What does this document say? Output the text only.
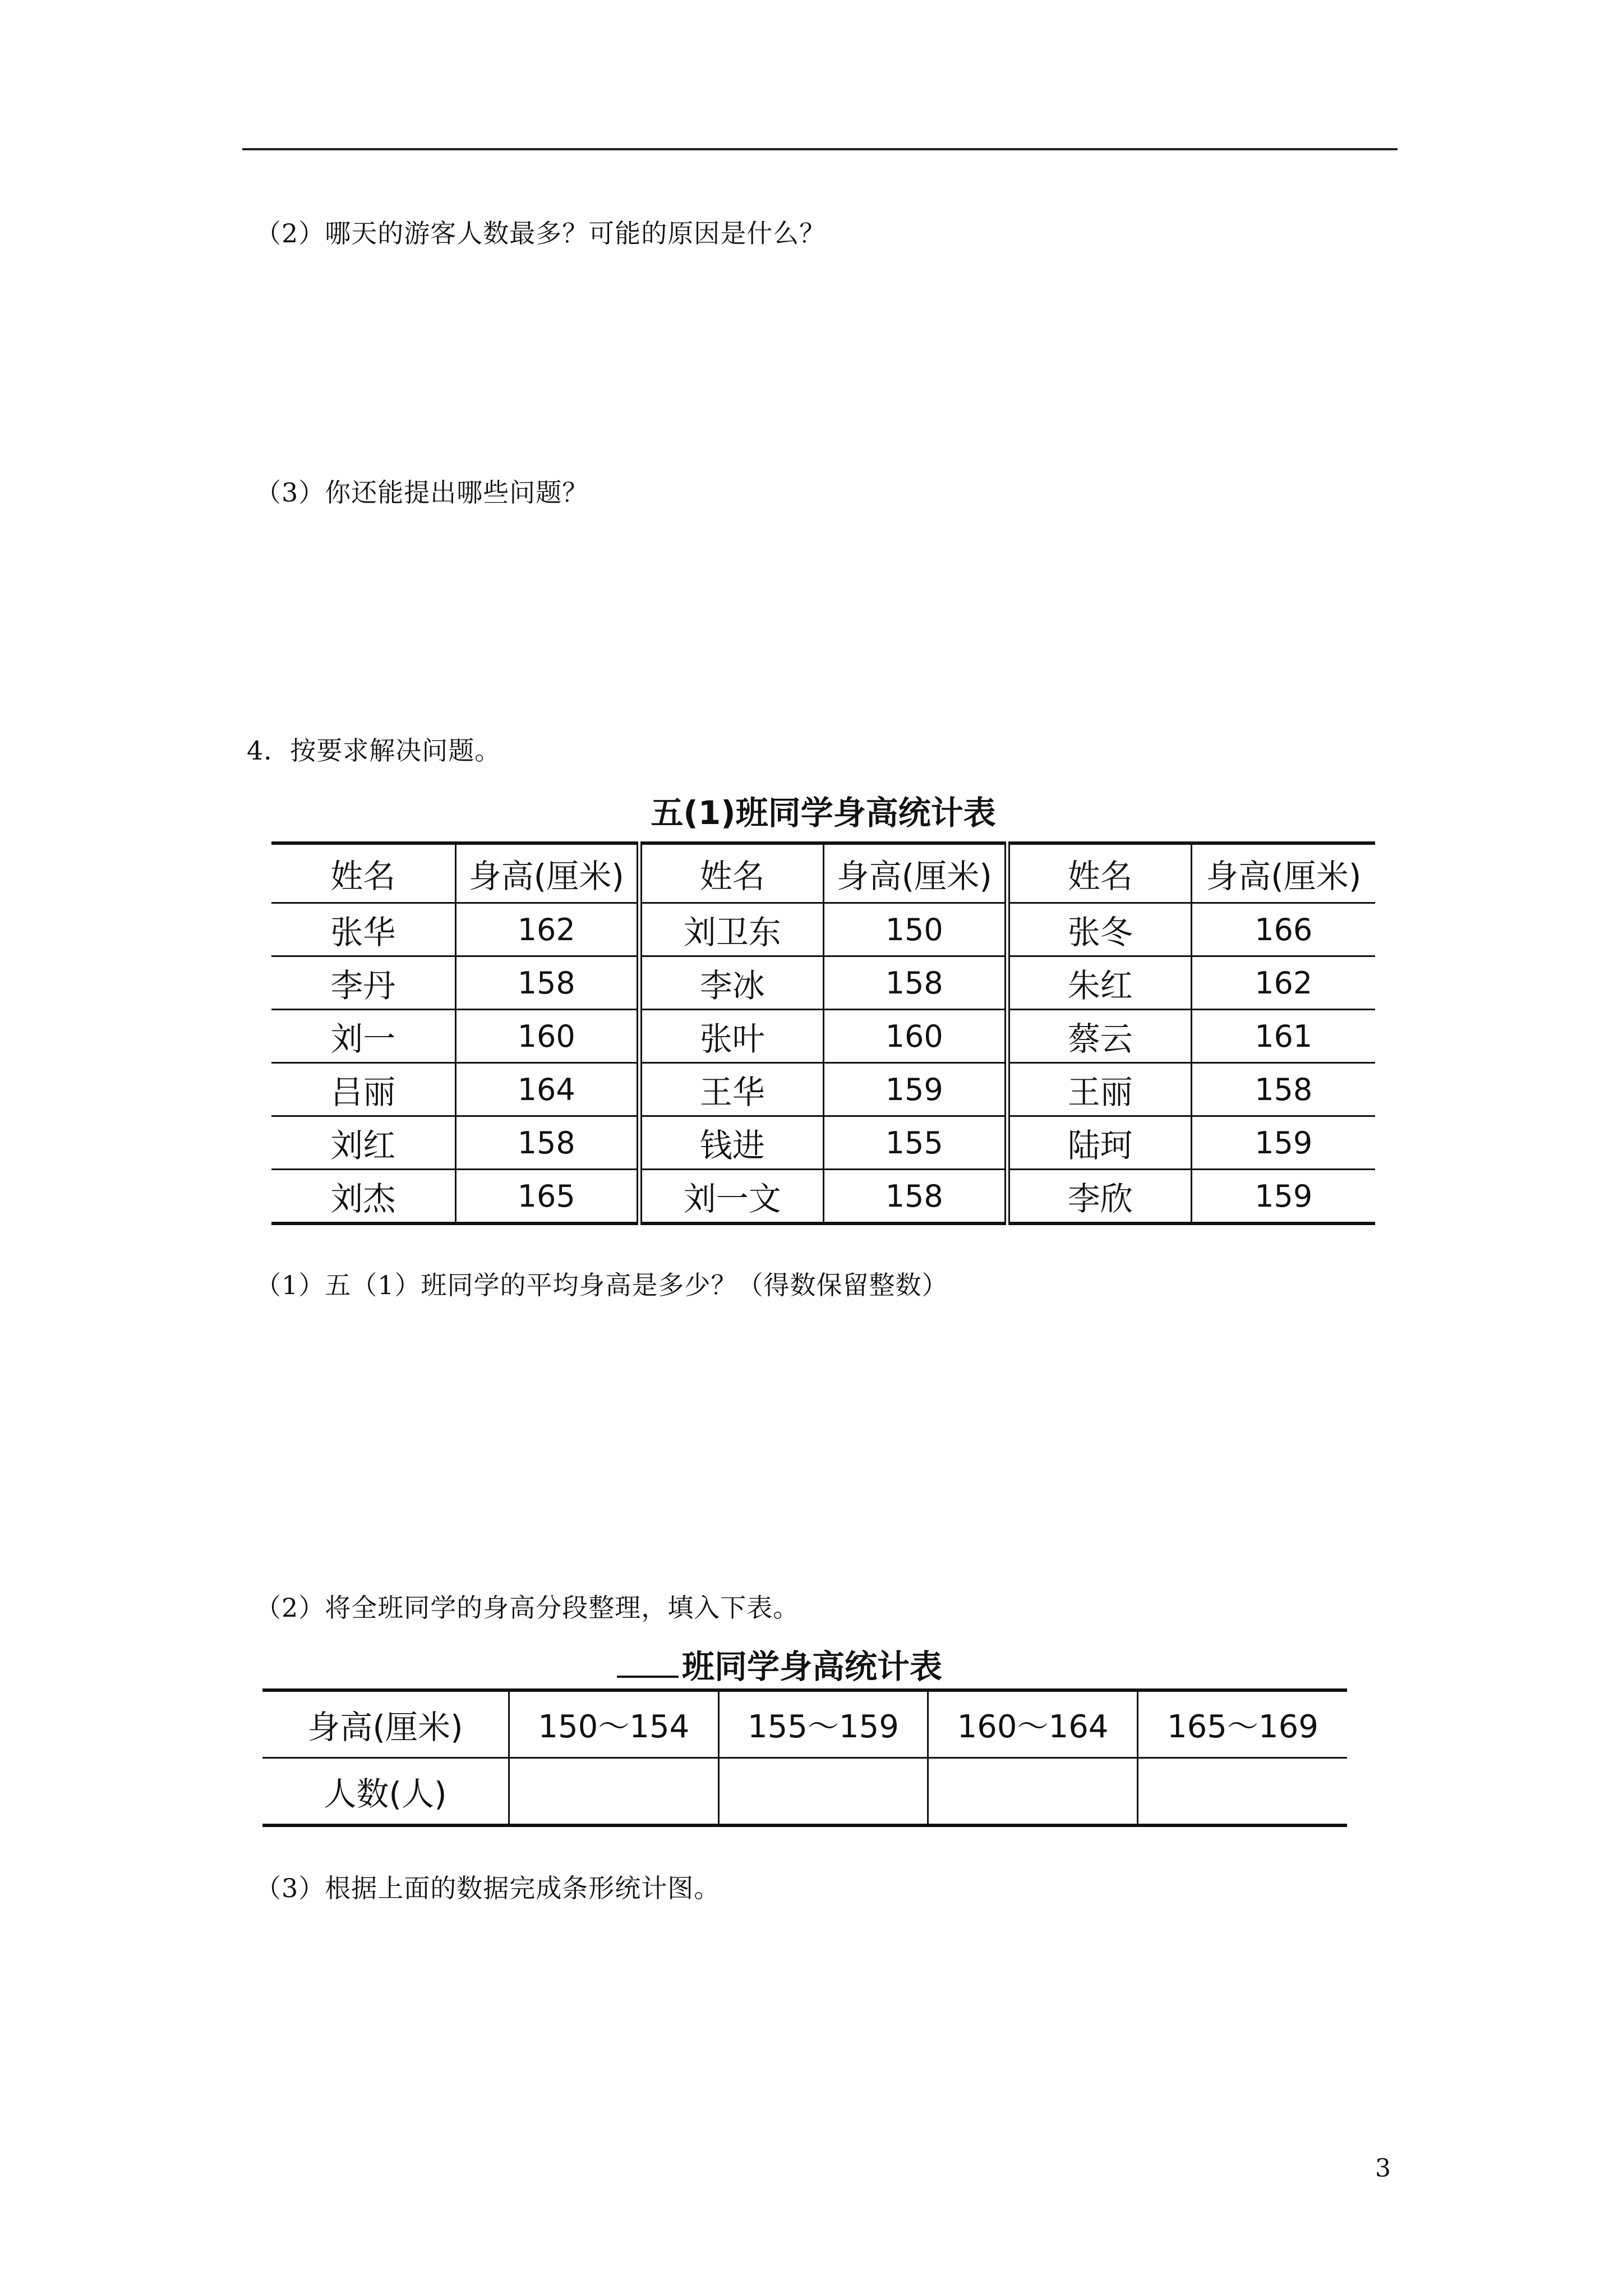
（2）哪天的游客人数最多？可能的原因是什么？
（3）你还能提出哪些问题？
4．按要求解决问题。
五(1)班同学身高统计表
姓名	身高(厘米)	姓名	身高(厘米)	姓名	身高(厘米)
张华	162	刘卫东	150	张冬	166
李丹	158	李冰	158	朱红	162
刘一	160	张叶	160	蔡云	161
吕丽	164	王华	159	王丽	158
刘红	158	钱进	155	陆珂	159
刘杰	165	刘一文	158	李欣	159
（1）五（1）班同学的平均身高是多少？（得数保留整数）
（2）将全班同学的身高分段整理，填入下表。
班同学身高统计表
身高(厘米)	150～154	155～159	160～164	165～169
人数(人)				
（3）根据上面的数据完成条形统计图。
3
